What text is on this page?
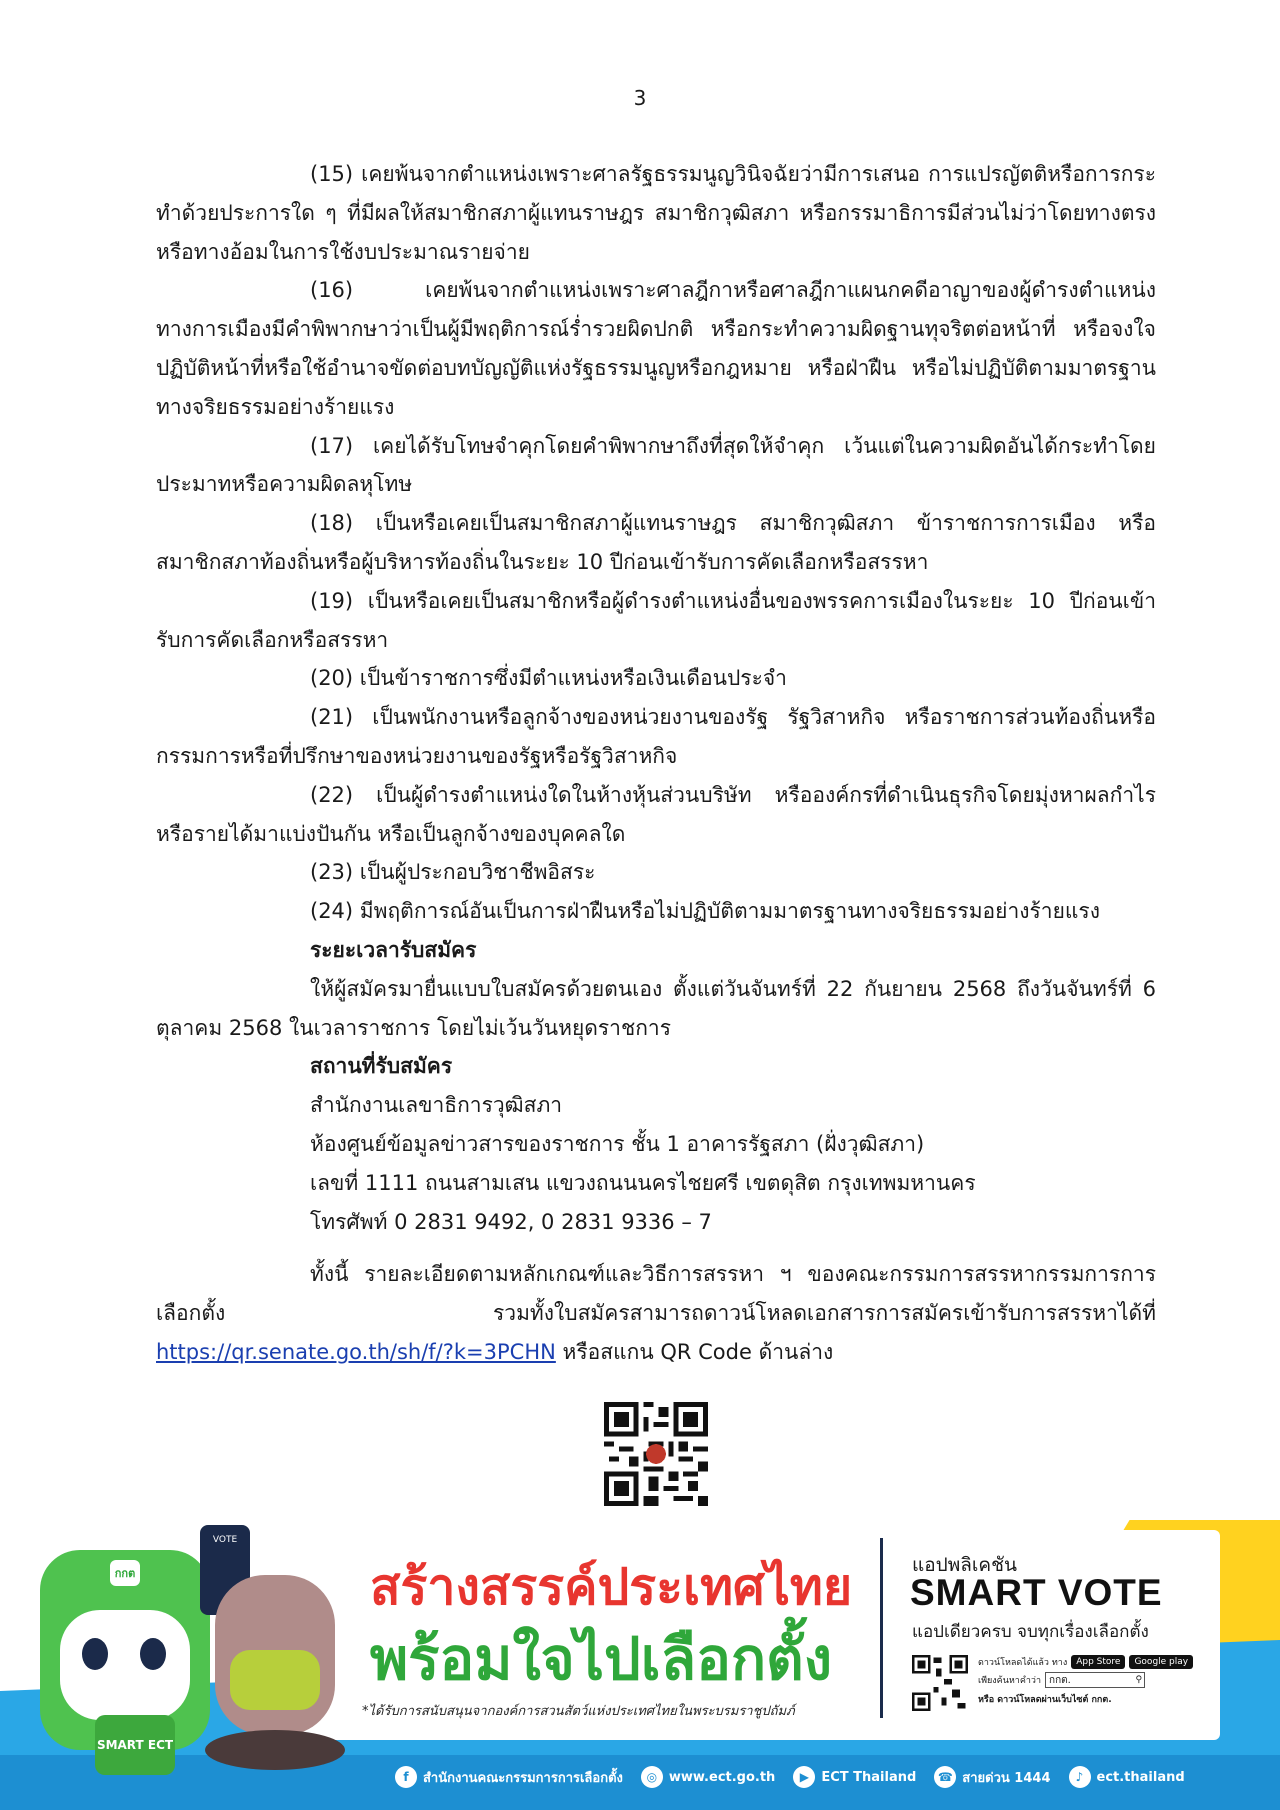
3

(15) เคยพ้นจากตำแหน่งเพราะศาลรัฐธรรมนูญวินิจฉัยว่ามีการเสนอ การแปรญัตติหรือการกระทำด้วยประการใด ๆ ที่มีผลให้สมาชิกสภาผู้แทนราษฎร สมาชิกวุฒิสภา หรือกรรมาธิการมีส่วนไม่ว่าโดยทางตรงหรือทางอ้อมในการใช้งบประมาณรายจ่าย

(16) เคยพ้นจากตำแหน่งเพราะศาลฎีกาหรือศาลฎีกาแผนกคดีอาญาของผู้ดำรงตำแหน่งทางการเมืองมีคำพิพากษาว่าเป็นผู้มีพฤติการณ์ร่ำรวยผิดปกติ หรือกระทำความผิดฐานทุจริตต่อหน้าที่ หรือจงใจปฏิบัติหน้าที่หรือใช้อำนาจขัดต่อบทบัญญัติแห่งรัฐธรรมนูญหรือกฎหมาย หรือฝ่าฝืน หรือไม่ปฏิบัติตามมาตรฐานทางจริยธรรมอย่างร้ายแรง

(17) เคยได้รับโทษจำคุกโดยคำพิพากษาถึงที่สุดให้จำคุก เว้นแต่ในความผิดอันได้กระทำโดยประมาทหรือความผิดลหุโทษ

(18) เป็นหรือเคยเป็นสมาชิกสภาผู้แทนราษฎร สมาชิกวุฒิสภา ข้าราชการการเมือง หรือสมาชิกสภาท้องถิ่นหรือผู้บริหารท้องถิ่นในระยะ 10 ปีก่อนเข้ารับการคัดเลือกหรือสรรหา

(19) เป็นหรือเคยเป็นสมาชิกหรือผู้ดำรงตำแหน่งอื่นของพรรคการเมืองในระยะ 10 ปีก่อนเข้ารับการคัดเลือกหรือสรรหา

(20) เป็นข้าราชการซึ่งมีตำแหน่งหรือเงินเดือนประจำ

(21) เป็นพนักงานหรือลูกจ้างของหน่วยงานของรัฐ รัฐวิสาหกิจ หรือราชการส่วนท้องถิ่นหรือกรรมการหรือที่ปรึกษาของหน่วยงานของรัฐหรือรัฐวิสาหกิจ

(22) เป็นผู้ดำรงตำแหน่งใดในห้างหุ้นส่วนบริษัท หรือองค์กรที่ดำเนินธุรกิจโดยมุ่งหาผลกำไรหรือรายได้มาแบ่งปันกัน หรือเป็นลูกจ้างของบุคคลใด

(23) เป็นผู้ประกอบวิชาชีพอิสระ

(24) มีพฤติการณ์อันเป็นการฝ่าฝืนหรือไม่ปฏิบัติตามมาตรฐานทางจริยธรรมอย่างร้ายแรง

ระยะเวลารับสมัคร

ให้ผู้สมัครมายื่นแบบใบสมัครด้วยตนเอง ตั้งแต่วันจันทร์ที่ 22 กันยายน 2568 ถึงวันจันทร์ที่ 6 ตุลาคม 2568 ในเวลาราชการ โดยไม่เว้นวันหยุดราชการ

สถานที่รับสมัคร

สำนักงานเลขาธิการวุฒิสภา

ห้องศูนย์ข้อมูลข่าวสารของราชการ ชั้น 1 อาคารรัฐสภา (ฝั่งวุฒิสภา)

เลขที่ 1111 ถนนสามเสน แขวงถนนนครไชยศรี เขตดุสิต กรุงเทพมหานคร

โทรศัพท์ 0 2831 9492, 0 2831 9336 – 7

ทั้งนี้ รายละเอียดตามหลักเกณฑ์และวิธีการสรรหา ฯ ของคณะกรรมการสรรหากรรมการการเลือกตั้ง รวมทั้งใบสมัครสามารถดาวน์โหลดเอกสารการสมัครเข้ารับการสรรหาได้ที่ https://qr.senate.go.th/sh/f/?k=3PCHN หรือสแกน QR Code ด้านล่าง

กกต
SMART ECT
VOTE
สร้างสรรค์ประเทศไทย
พร้อมใจไปเลือกตั้ง
*ได้รับการสนับสนุนจากองค์การสวนสัตว์แห่งประเทศไทยในพระบรมราชูปถัมภ์
แอปพลิเคชัน
SMART VOTE
แอปเดียวครบ จบทุกเรื่องเลือกตั้ง
ดาวน์โหลดได้แล้ว ทาง	App Store	Google play
เพียงค้นหาคำว่า กกต.	⚲
หรือ ดาวน์โหลดผ่านเว็บไซต์ กกต.
f	สำนักงานคณะกรรมการการเลือกตั้ง	◎ www.ect.go.th	▶ ECT Thailand ☎ สายด่วน 1444	♪	ect.thailand
